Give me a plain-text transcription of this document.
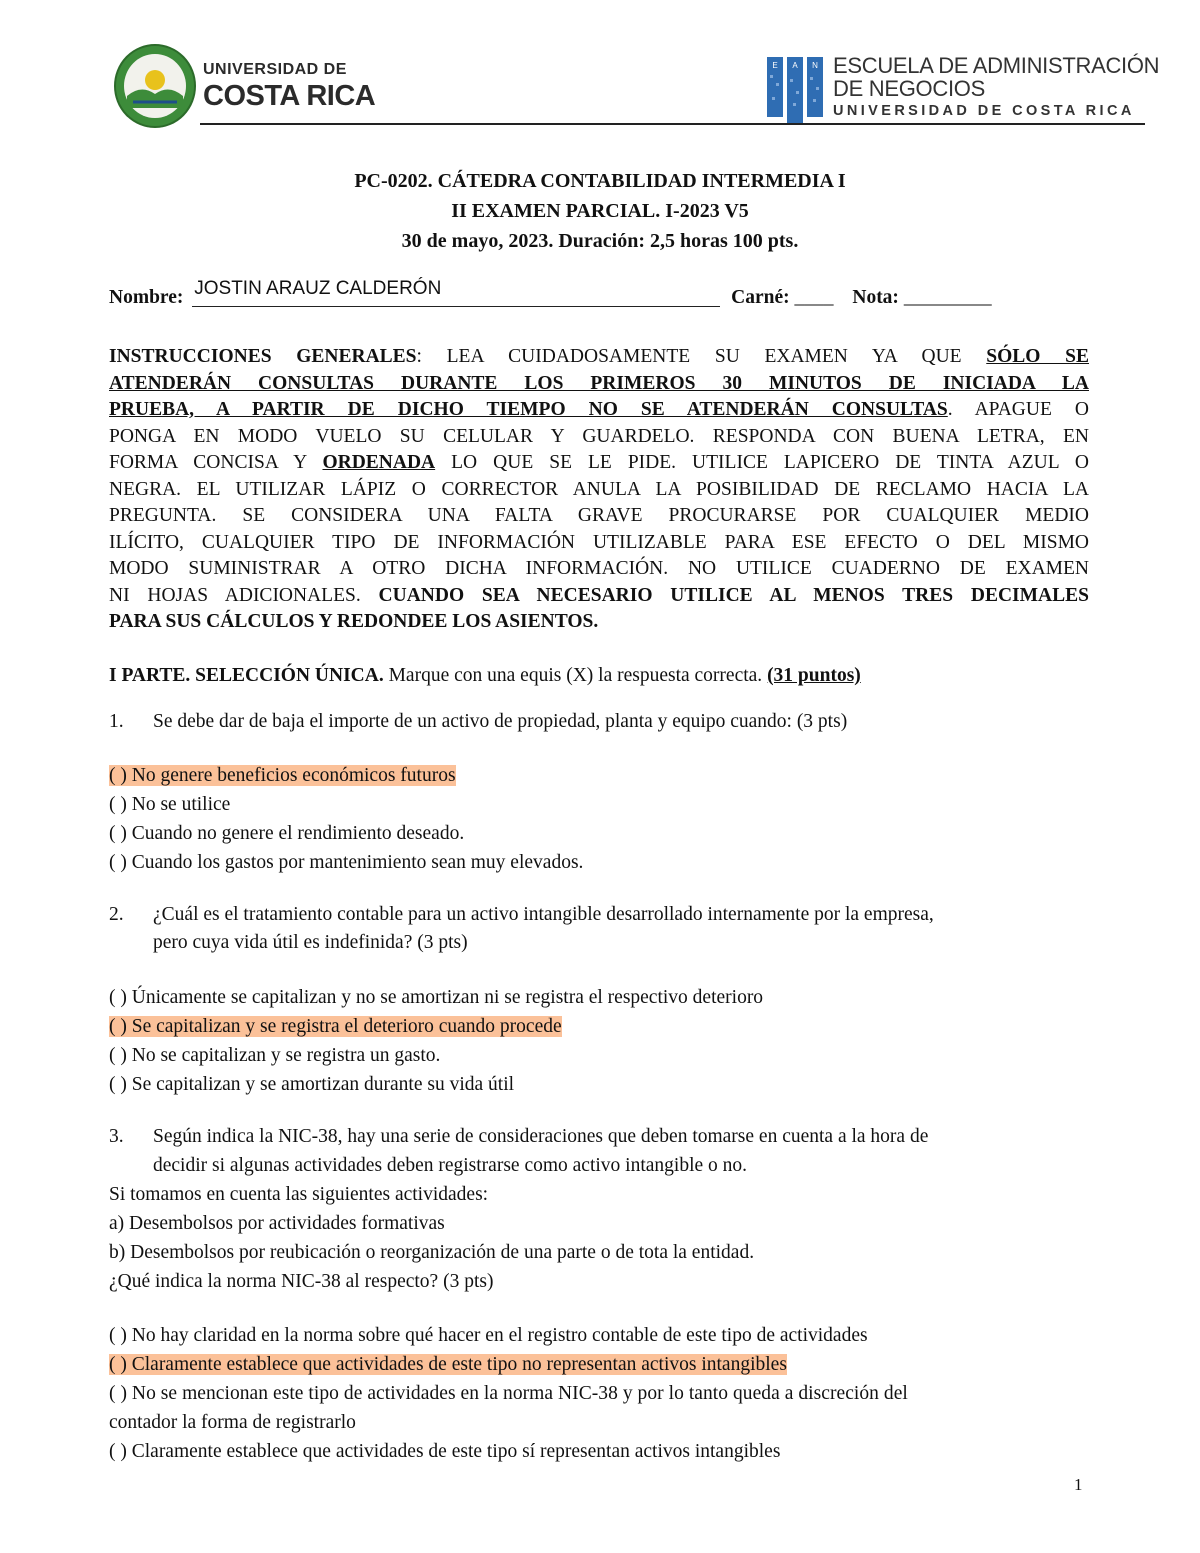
UNIVERSIDAD DE
COSTA RICA
E A N ESCUELA DE ADMINISTRACIÓN
DE NEGOCIOS
UNIVERSIDAD DE COSTA RICA
PC-0202. CÁTEDRA CONTABILIDAD INTERMEDIA I
II EXAMEN PARCIAL. I-2023 V5
30 de mayo, 2023. Duración: 2,5 horas 100 pts.
Nombre: JOSTIN ARAUZ CALDERÓN	Carné: ____ Nota: _________
INSTRUCCIONES GENERALES: LEA CUIDADOSAMENTE SU EXAMEN YA QUE SÓLO SE
ATENDERÁN CONSULTAS DURANTE LOS PRIMEROS 30 MINUTOS DE INICIADA LA
PRUEBA, A PARTIR DE DICHO TIEMPO NO SE ATENDERÁN CONSULTAS. APAGUE O
PONGA EN MODO VUELO SU CELULAR Y GUARDELO. RESPONDA CON BUENA LETRA, EN
FORMA CONCISA Y ORDENADA LO QUE SE LE PIDE. UTILICE LAPICERO DE TINTA AZUL O
NEGRA. EL UTILIZAR LÁPIZ O CORRECTOR ANULA LA POSIBILIDAD DE RECLAMO HACIA LA
PREGUNTA. SE CONSIDERA UNA FALTA GRAVE PROCURARSE POR CUALQUIER MEDIO
ILÍCITO, CUALQUIER TIPO DE INFORMACIÓN UTILIZABLE PARA ESE EFECTO O DEL MISMO
MODO SUMINISTRAR A OTRO DICHA INFORMACIÓN. NO UTILICE CUADERNO DE EXAMEN
NI HOJAS ADICIONALES. CUANDO SEA NECESARIO UTILICE AL MENOS TRES DECIMALES
PARA SUS CÁLCULOS Y REDONDEE LOS ASIENTOS.
I PARTE. SELECCIÓN ÚNICA. Marque con una equis (X) la respuesta correcta. (31 puntos)
1. Se debe dar de baja el importe de un activo de propiedad, planta y equipo cuando: (3 pts)
( ) No genere beneficios económicos futuros
( ) No se utilice
( ) Cuando no genere el rendimiento deseado.
( ) Cuando los gastos por mantenimiento sean muy elevados.
2. ¿Cuál es el tratamiento contable para un activo intangible desarrollado internamente por la empresa,
pero cuya vida útil es indefinida? (3 pts)
( ) Únicamente se capitalizan y no se amortizan ni se registra el respectivo deterioro
( ) Se capitalizan y se registra el deterioro cuando procede
( ) No se capitalizan y se registra un gasto.
( ) Se capitalizan y se amortizan durante su vida útil
3. Según indica la NIC-38, hay una serie de consideraciones que deben tomarse en cuenta a la hora de
decidir si algunas actividades deben registrarse como activo intangible o no.
Si tomamos en cuenta las siguientes actividades:
a) Desembolsos por actividades formativas
b) Desembolsos por reubicación o reorganización de una parte o de tota la entidad.
¿Qué indica la norma NIC-38 al respecto? (3 pts)
( ) No hay claridad en la norma sobre qué hacer en el registro contable de este tipo de actividades
( ) Claramente establece que actividades de este tipo no representan activos intangibles
( ) No se mencionan este tipo de actividades en la norma NIC-38 y por lo tanto queda a discreción del
contador la forma de registrarlo
( ) Claramente establece que actividades de este tipo sí representan activos intangibles
1
